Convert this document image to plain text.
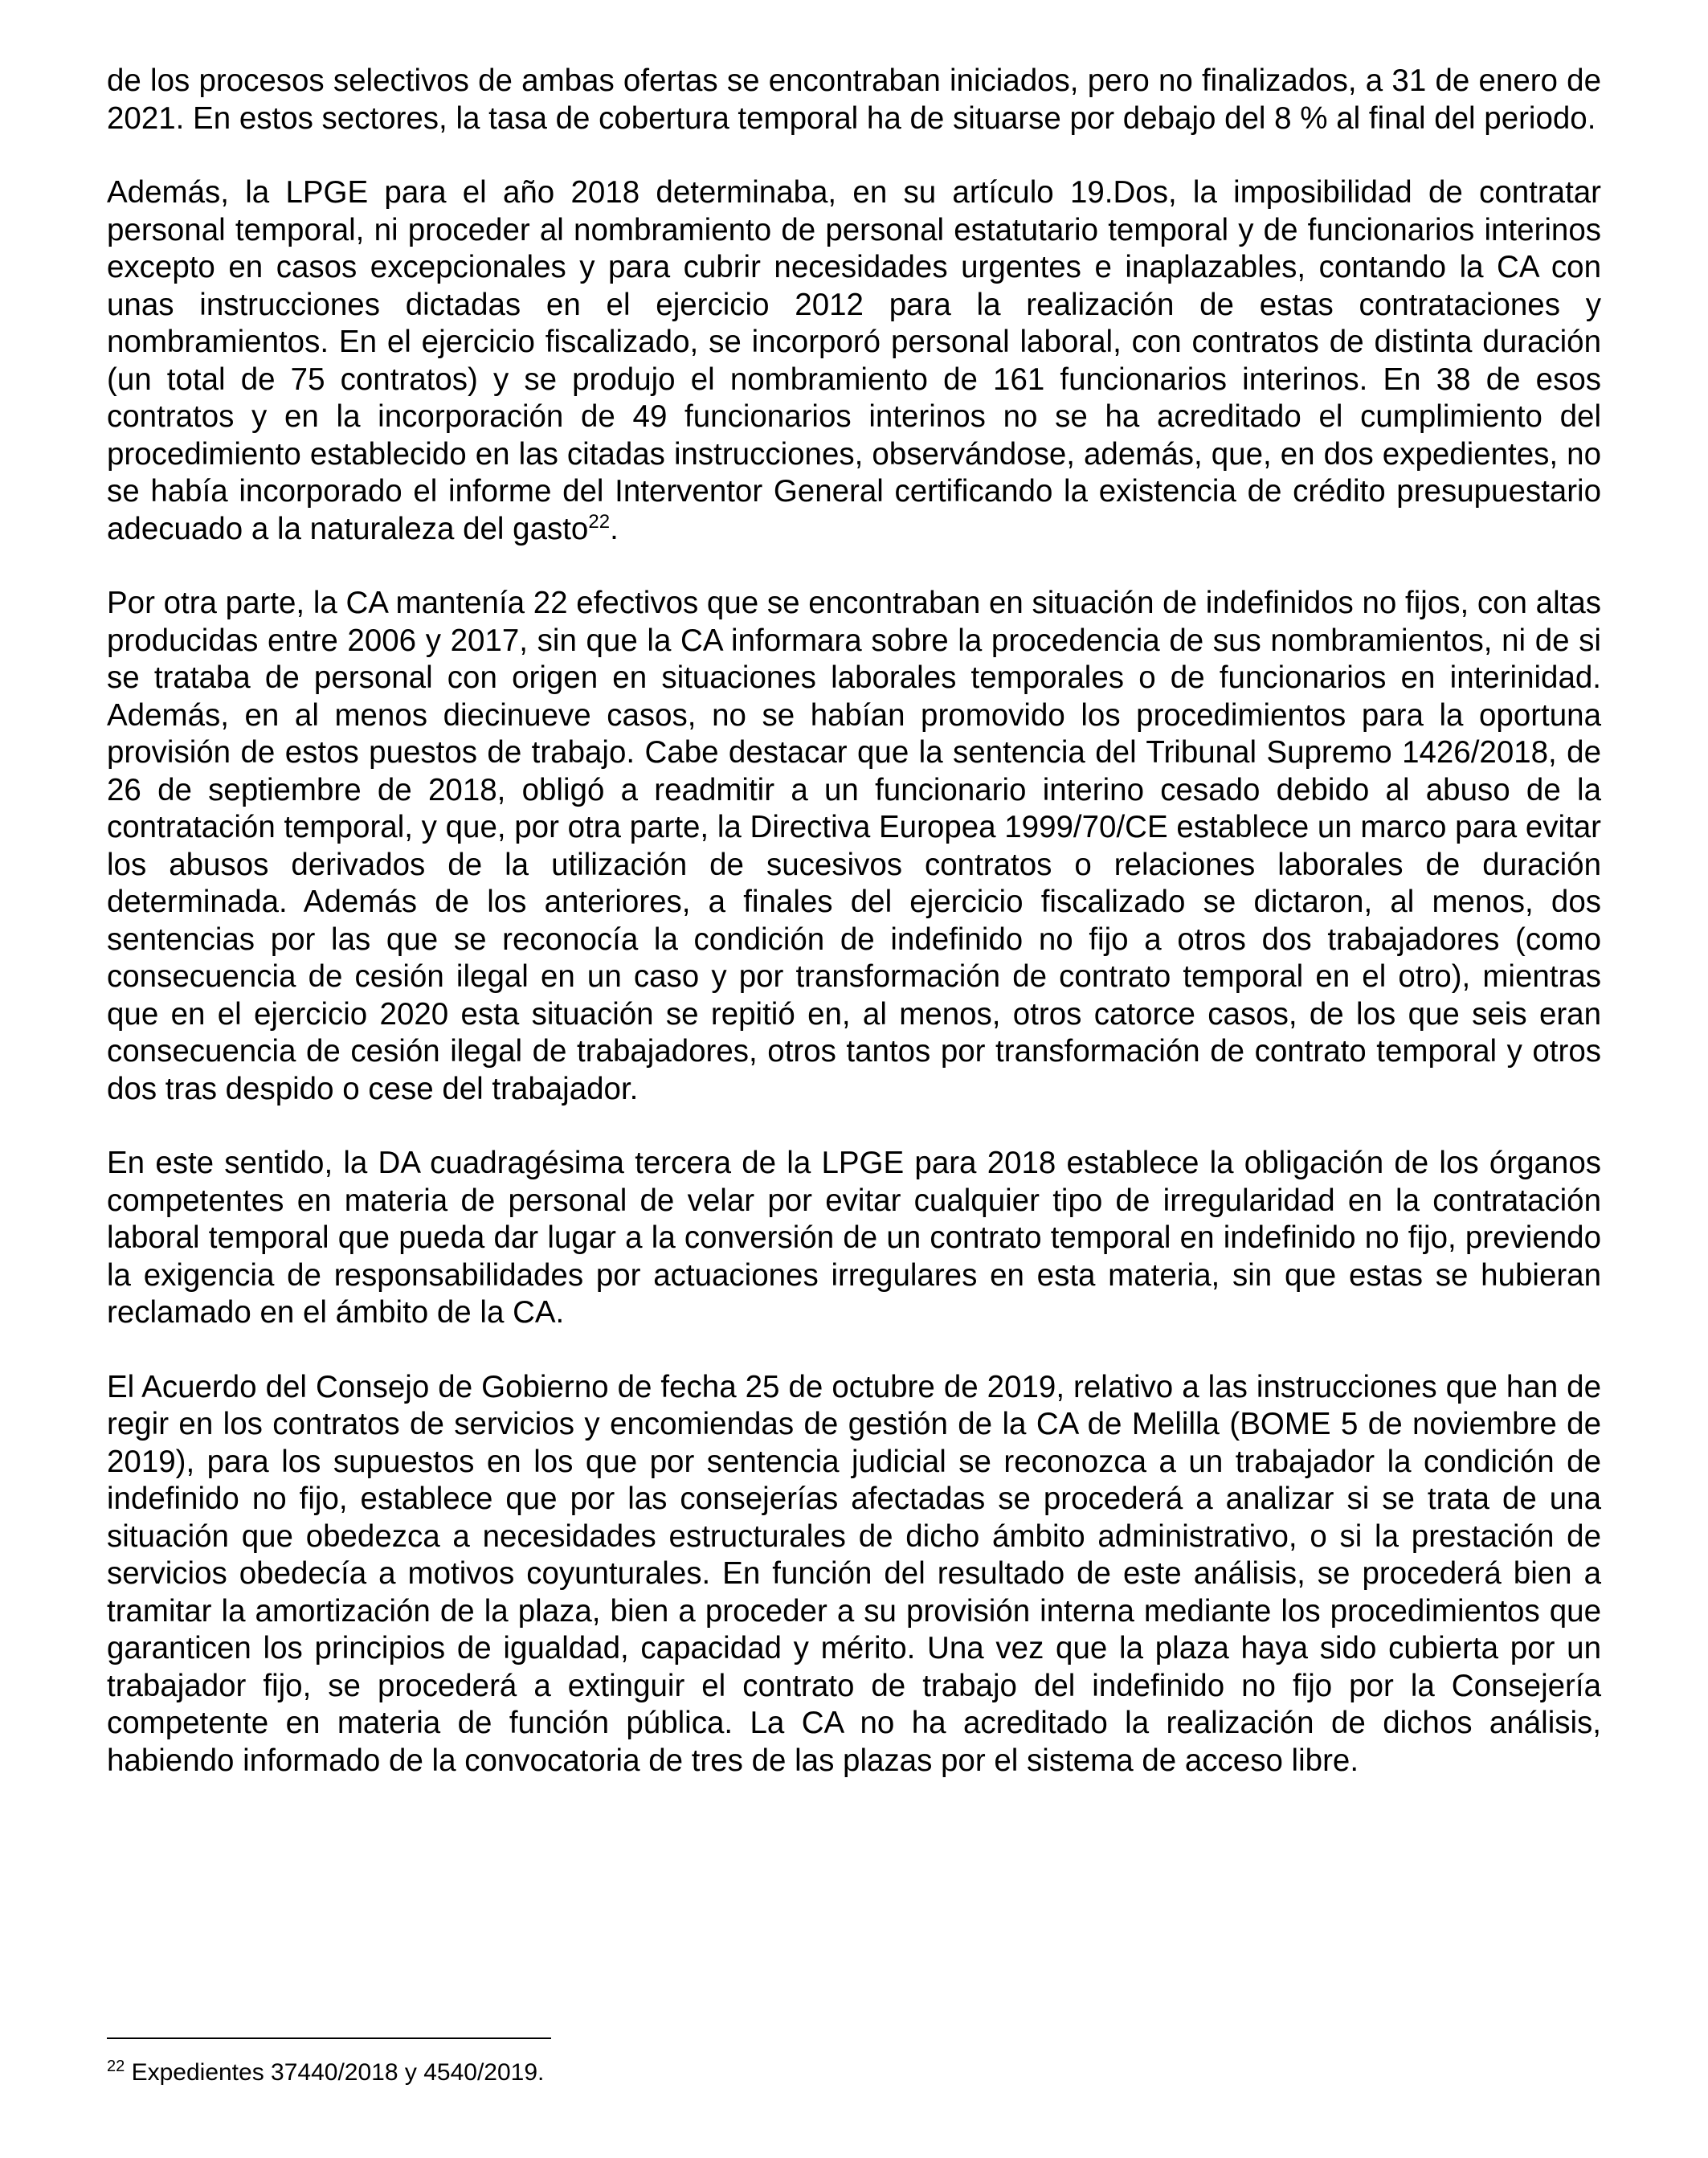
de los procesos selectivos de ambas ofertas se encontraban iniciados, pero no finalizados, a 31 de enero de 2021. En estos sectores, la tasa de cobertura temporal ha de situarse por debajo del 8 % al final del periodo.

Además, la LPGE para el año 2018 determinaba, en su artículo 19.Dos, la imposibilidad de contratar personal temporal, ni proceder al nombramiento de personal estatutario temporal y de funcionarios interinos excepto en casos excepcionales y para cubrir necesidades urgentes e inaplazables, contando la CA con unas instrucciones dictadas en el ejercicio 2012 para la realización de estas contrataciones y nombramientos. En el ejercicio fiscalizado, se incorporó personal laboral, con contratos de distinta duración (un total de 75 contratos) y se produjo el nombramiento de 161 funcionarios interinos. En 38 de esos contratos y en la incorporación de 49 funcionarios interinos no se ha acreditado el cumplimiento del procedimiento establecido en las citadas instrucciones, observándose, además, que, en dos expedientes, no se había incorporado el informe del Interventor General certificando la existencia de crédito presupuestario adecuado a la naturaleza del gasto$^{22}$.

Por otra parte, la CA mantenía 22 efectivos que se encontraban en situación de indefinidos no fijos, con altas producidas entre 2006 y 2017, sin que la CA informara sobre la procedencia de sus nombramientos, ni de si se trataba de personal con origen en situaciones laborales temporales o de funcionarios en interinidad. Además, en al menos diecinueve casos, no se habían promovido los procedimientos para la oportuna provisión de estos puestos de trabajo. Cabe destacar que la sentencia del Tribunal Supremo 1426/2018, de 26 de septiembre de 2018, obligó a readmitir a un funcionario interino cesado debido al abuso de la contratación temporal, y que, por otra parte, la Directiva Europea 1999/70/CE establece un marco para evitar los abusos derivados de la utilización de sucesivos contratos o relaciones laborales de duración determinada. Además de los anteriores, a finales del ejercicio fiscalizado se dictaron, al menos, dos sentencias por las que se reconocía la condición de indefinido no fijo a otros dos trabajadores (como consecuencia de cesión ilegal en un caso y por transformación de contrato temporal en el otro), mientras que en el ejercicio 2020 esta situación se repitió en, al menos, otros catorce casos, de los que seis eran consecuencia de cesión ilegal de trabajadores, otros tantos por transformación de contrato temporal y otros dos tras despido o cese del trabajador.

En este sentido, la DA cuadragésima tercera de la LPGE para 2018 establece la obligación de los órganos competentes en materia de personal de velar por evitar cualquier tipo de irregularidad en la contratación laboral temporal que pueda dar lugar a la conversión de un contrato temporal en indefinido no fijo, previendo la exigencia de responsabilidades por actuaciones irregulares en esta materia, sin que estas se hubieran reclamado en el ámbito de la CA.

El Acuerdo del Consejo de Gobierno de fecha 25 de octubre de 2019, relativo a las instrucciones que han de regir en los contratos de servicios y encomiendas de gestión de la CA de Melilla (BOME 5 de noviembre de 2019), para los supuestos en los que por sentencia judicial se reconozca a un trabajador la condición de indefinido no fijo, establece que por las consejerías afectadas se procederá a analizar si se trata de una situación que obedezca a necesidades estructurales de dicho ámbito administrativo, o si la prestación de servicios obedecía a motivos coyunturales. En función del resultado de este análisis, se procederá bien a tramitar la amortización de la plaza, bien a proceder a su provisión interna mediante los procedimientos que garanticen los principios de igualdad, capacidad y mérito. Una vez que la plaza haya sido cubierta por un trabajador fijo, se procederá a extinguir el contrato de trabajo del indefinido no fijo por la Consejería competente en materia de función pública. La CA no ha acreditado la realización de dichos análisis, habiendo informado de la convocatoria de tres de las plazas por el sistema de acceso libre.

$^{22}$ Expedientes 37440/2018 y 4540/2019.
